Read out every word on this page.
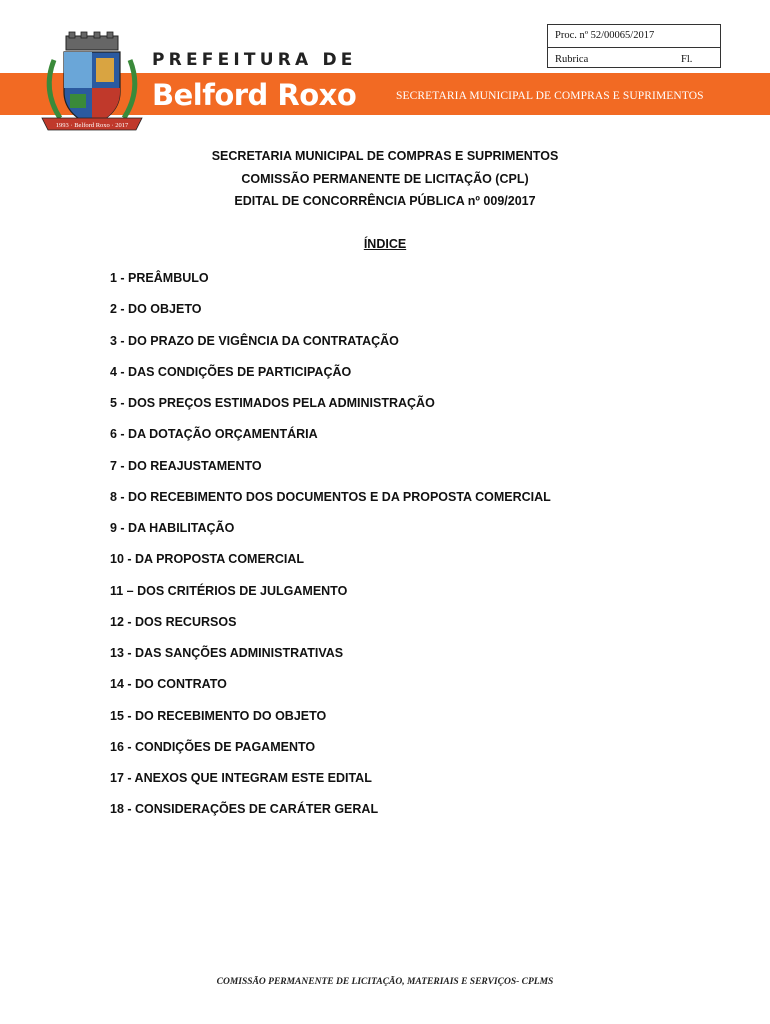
1993 · Belford Roxo · 2017
PREFEITURA DE
Belford Roxo	SECRETARIA MUNICIPAL DE COMPRAS E SUPRIMENTOS
Proc. nº 52/00065/2017
Rubrica	Fl.
SECRETARIA MUNICIPAL DE COMPRAS E SUPRIMENTOS
COMISSÃO PERMANENTE DE LICITAÇÃO (CPL)
EDITAL DE CONCORRÊNCIA PÚBLICA nº 009/2017
ÍNDICE
1 - PREÂMBULO
2 - DO OBJETO
3 - DO PRAZO DE VIGÊNCIA DA CONTRATAÇÃO
4 - DAS CONDIÇÕES DE PARTICIPAÇÃO
5 - DOS PREÇOS ESTIMADOS PELA ADMINISTRAÇÃO
6 - DA DOTAÇÃO ORÇAMENTÁRIA
7 - DO REAJUSTAMENTO
8 - DO RECEBIMENTO DOS DOCUMENTOS E DA PROPOSTA COMERCIAL
9 - DA HABILITAÇÃO
10 - DA PROPOSTA COMERCIAL
11 – DOS CRITÉRIOS DE JULGAMENTO
12 - DOS RECURSOS
13 - DAS SANÇÕES ADMINISTRATIVAS
14 - DO CONTRATO
15 - DO RECEBIMENTO DO OBJETO
16 - CONDIÇÕES DE PAGAMENTO
17 - ANEXOS QUE INTEGRAM ESTE EDITAL
18 - CONSIDERAÇÕES DE CARÁTER GERAL
COMISSÃO PERMANENTE DE LICITAÇÃO, MATERIAIS E SERVIÇOS- CPLMS
